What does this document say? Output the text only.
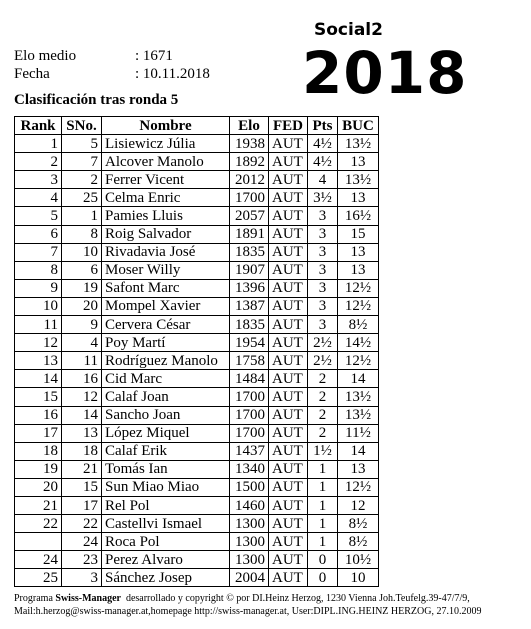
Social2
2018
Elo medio	: 1671
Fecha	: 10.11.2018
Clasificación tras ronda 5
Rank	SNo.	Nombre	Elo	FED	Pts	BUC
1	5	Lisiewicz Júlia	1938	AUT	4½	13½
2	7	Alcover Manolo	1892	AUT	4½	13
3	2	Ferrer Vicent	2012	AUT	4	13½
4	25	Celma Enric	1700	AUT	3½	13
5	1	Pamies Lluis	2057	AUT	3	16½
6	8	Roig Salvador	1891	AUT	3	15
7	10	Rivadavia José	1835	AUT	3	13
8	6	Moser Willy	1907	AUT	3	13
9	19	Safont Marc	1396	AUT	3	12½
10	20	Mompel Xavier	1387	AUT	3	12½
11	9	Cervera César	1835	AUT	3	8½
12	4	Poy Martí	1954	AUT	2½	14½
13	11	Rodríguez Manolo	1758	AUT	2½	12½
14	16	Cid Marc	1484	AUT	2	14
15	12	Calaf Joan	1700	AUT	2	13½
16	14	Sancho Joan	1700	AUT	2	13½
17	13	López Miquel	1700	AUT	2	11½
18	18	Calaf Erik	1437	AUT	1½	14
19	21	Tomás Ian	1340	AUT	1	13
20	15	Sun Miao Miao	1500	AUT	1	12½
21	17	Rel Pol	1460	AUT	1	12
22	22	Castellvi Ismael	1300	AUT	1	8½
	24	Roca Pol	1300	AUT	1	8½
24	23	Perez Alvaro	1300	AUT	0	10½
25	3	Sánchez Josep	2004	AUT	0	10
Programa Swiss-Manager  desarrollado y copyright © por DI.Heinz Herzog, 1230 Vienna Joh.Teufelg.39-47/7/9,
Mail:h.herzog@swiss-manager.at,homepage http://swiss-manager.at, User:DIPL.ING.HEINZ HERZOG, 27.10.2009
